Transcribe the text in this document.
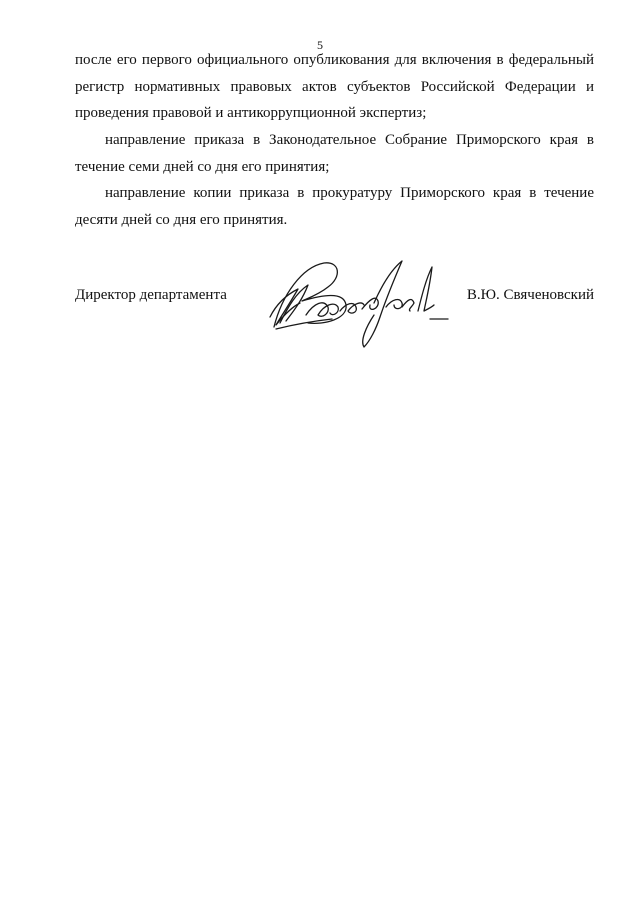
5
после его первого официального опубликования для включения в федеральный
регистр нормативных правовых актов субъектов Российской Федерации и
проведения правовой и антикоррупционной экспертиз;
направление приказа в Законодательное Собрание Приморского края в
течение семи дней со дня его принятия;
направление копии приказа в прокуратуру Приморского края в течение
десяти дней со дня его принятия.
Директор департамента	В.Ю. Свяченовский
